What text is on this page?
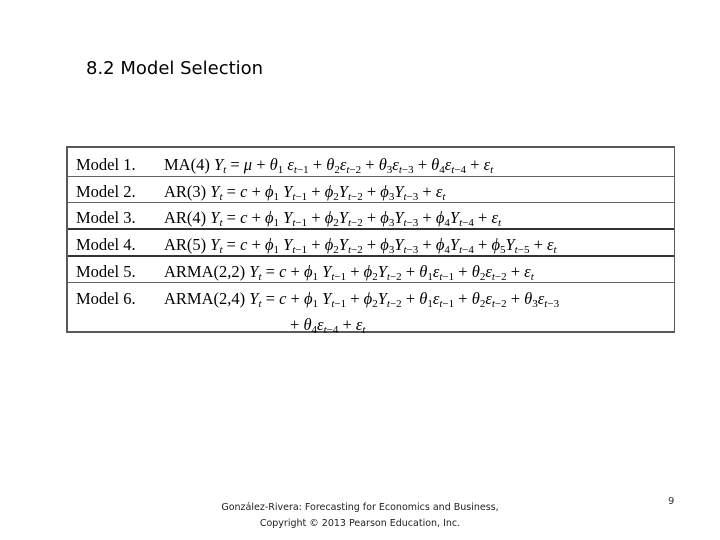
8.2 Model Selection
Model 1. MA(4) $Y_t = \mu + \theta_1$ $\varepsilon_{t-1} + \theta_2\varepsilon_{t-2} + \theta_3\varepsilon_{t-3} + \theta_4\varepsilon_{t-4} + \varepsilon_t$
Model 2. AR(3) $Y_t = c + \phi_1$ $Y_{t-1} + \phi_2Y_{t-2} + \phi_3Y_{t-3} + \varepsilon_t$
Model 3. AR(4) $Y_t = c + \phi_1$ $Y_{t-1} + \phi_2Y_{t-2} + \phi_3Y_{t-3} + \phi_4Y_{t-4} + \varepsilon_t$
Model 4. AR(5) $Y_t = c + \phi_1$ $Y_{t-1} + \phi_2Y_{t-2} + \phi_3Y_{t-3} + \phi_4Y_{t-4} + \phi_5Y_{t-5} + \varepsilon_t$
Model 5. ARMA(2,2) $Y_t = c + \phi_1$ $Y_{t-1} + \phi_2Y_{t-2} + \theta_1\varepsilon_{t-1} + \theta_2\varepsilon_{t-2} + \varepsilon_t$
Model 6. ARMA(2,4) $Y_t = c + \phi_1$ $Y_{t-1} + \phi_2Y_{t-2} + \theta_1\varepsilon_{t-1} + \theta_2\varepsilon_{t-2} + \theta_3\varepsilon_{t-3}$
+ $\theta_4\varepsilon_{t-4} + \varepsilon_t$
González-Rivera: Forecasting for Economics and Business,
Copyright © 2013 Pearson Education, Inc.
9
